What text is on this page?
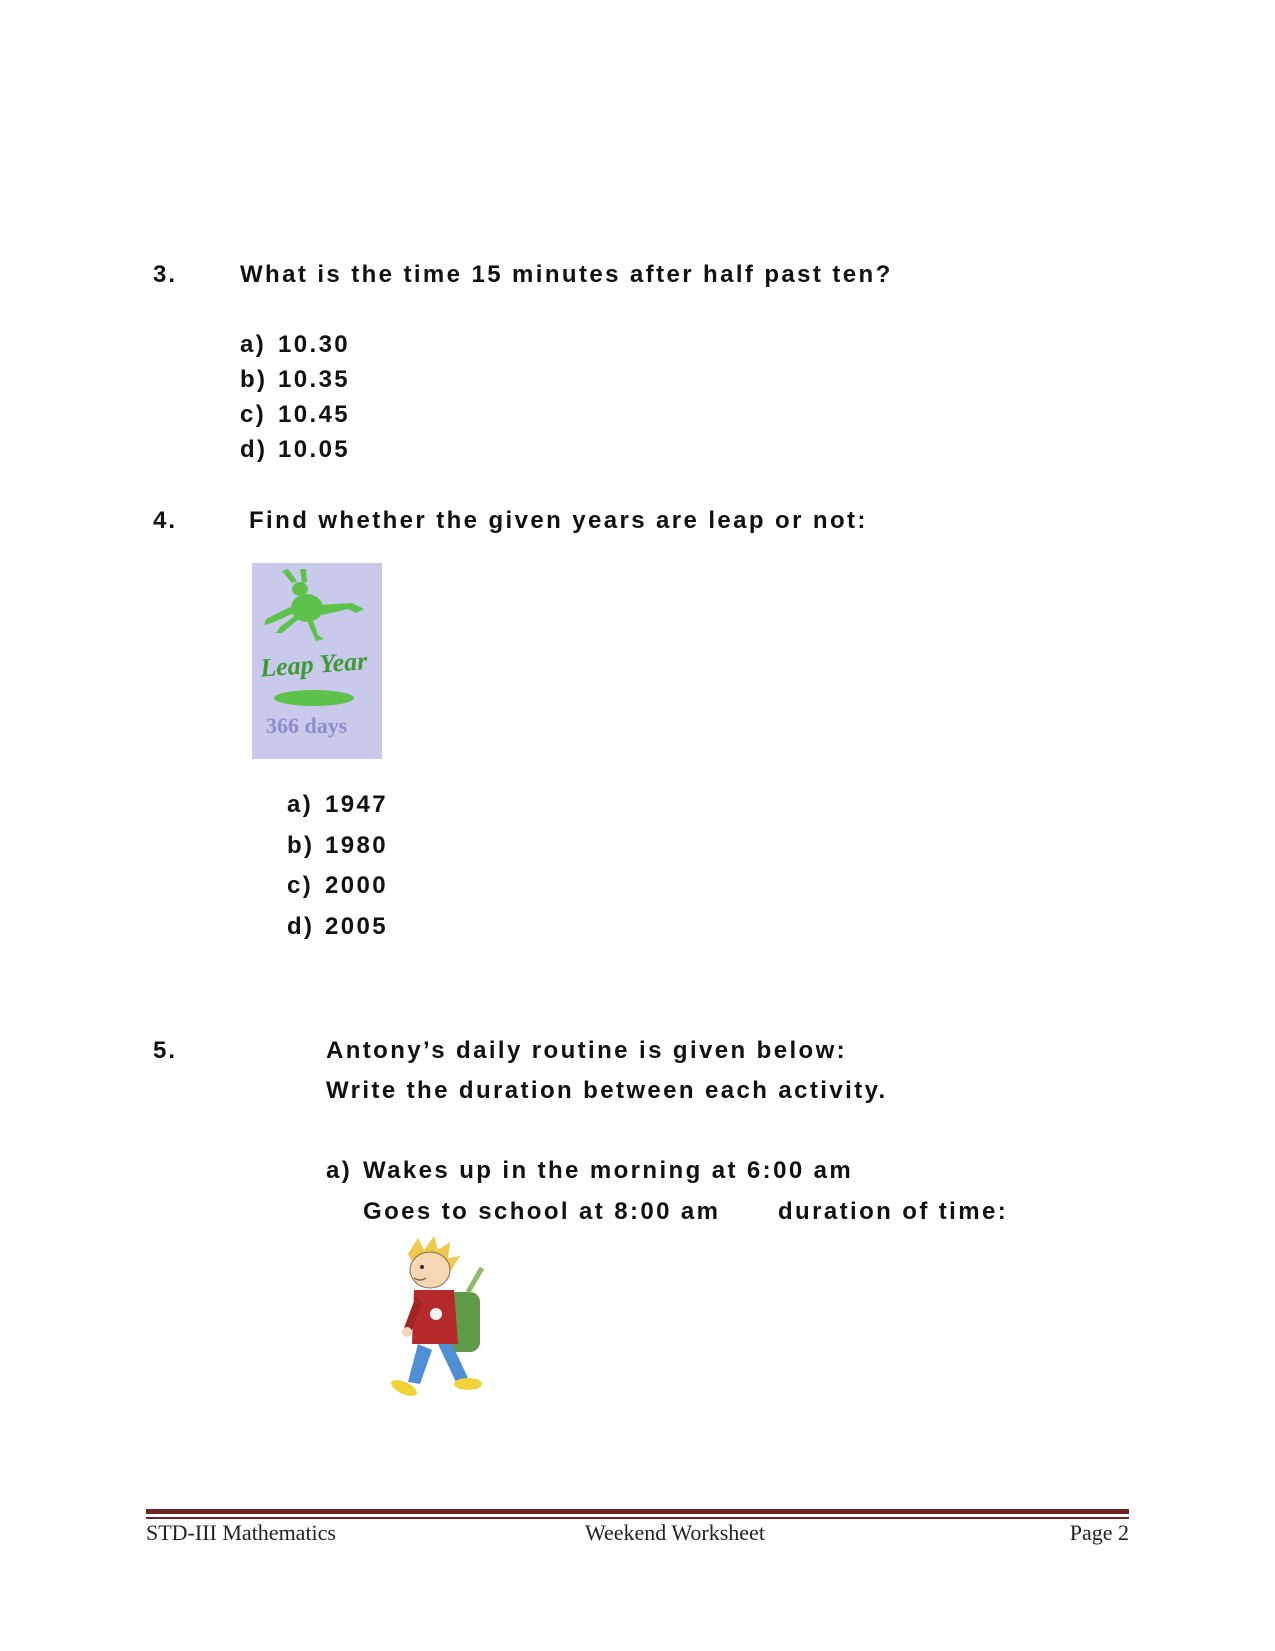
3.	What is the time 15 minutes after half past ten?
a) 10.30
b) 10.35
c) 10.45
d) 10.05
4.	Find whether the given years are leap or not:
Leap Year
366 days
a) 1947
b) 1980
c) 2000
d) 2005
5.	Antony’s daily routine is given below:
Write the duration between each activity.
a) Wakes up in the morning at 6:00 am
Goes to school at 8:00 am duration of time:
STD-III Mathematics	Weekend Worksheet	Page 2
